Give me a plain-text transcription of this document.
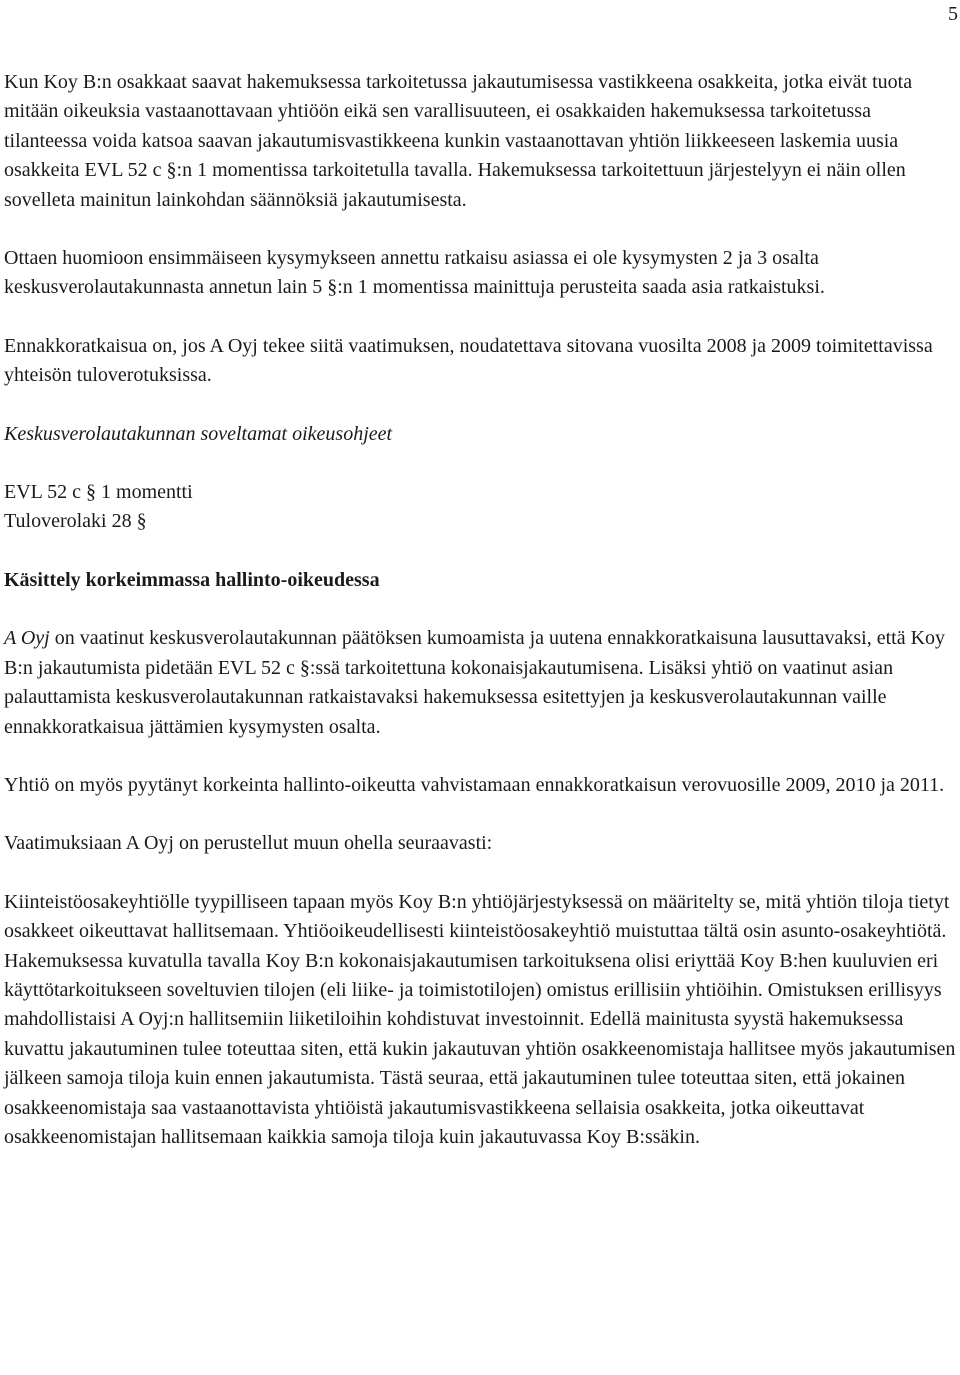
5

Kun Koy B:n osakkaat saavat hakemuksessa tarkoitetussa jakautumisessa vastikkeena osakkeita, jotka eivät tuota mitään oikeuksia vastaanottavaan yhtiöön eikä sen varallisuuteen, ei osakkaiden hakemuksessa tarkoitetussa tilanteessa voida katsoa saavan jakautumisvastikkeena kunkin vastaanottavan yhtiön liikkeeseen laskemia uusia osakkeita EVL 52 c §:n 1 momentissa tarkoitetulla tavalla. Hakemuksessa tarkoitettuun järjestelyyn ei näin ollen sovelleta mainitun lainkohdan säännöksiä jakautumisesta.

Ottaen huomioon ensimmäiseen kysymykseen annettu ratkaisu asiassa ei ole kysymysten 2 ja 3 osalta keskusverolautakunnasta annetun lain 5 §:n 1 momentissa mainittuja perusteita saada asia ratkaistuksi.

Ennakkoratkaisua on, jos A Oyj tekee siitä vaatimuksen, noudatettava sitovana vuosilta 2008 ja 2009 toimitettavissa yhteisön tuloverotuksissa.

Keskusverolautakunnan soveltamat oikeusohjeet

EVL 52 c § 1 momentti
Tuloverolaki 28 §

Käsittely korkeimmassa hallinto-oikeudessa

A Oyj on vaatinut keskusverolautakunnan päätöksen kumoamista ja uutena ennakkoratkaisuna lausuttavaksi, että Koy B:n jakautumista pidetään EVL 52 c §:ssä tarkoitettuna kokonaisjakautumisena. Lisäksi yhtiö on vaatinut asian palauttamista keskusverolautakunnan ratkaistavaksi hakemuksessa esitettyjen ja keskusverolautakunnan vaille ennakkoratkaisua jättämien kysymysten osalta.

Yhtiö on myös pyytänyt korkeinta hallinto-oikeutta vahvistamaan ennakkoratkaisun verovuosille 2009, 2010 ja 2011.

Vaatimuksiaan A Oyj on perustellut muun ohella seuraavasti:

Kiinteistöosakeyhtiölle tyypilliseen tapaan myös Koy B:n yhtiöjärjestyksessä on määritelty se, mitä yhtiön tiloja tietyt osakkeet oikeuttavat hallitsemaan. Yhtiöoikeudellisesti kiinteistöosakeyhtiö muistuttaa tältä osin asunto-osakeyhtiötä. Hakemuksessa kuvatulla tavalla Koy B:n kokonaisjakautumisen tarkoituksena olisi eriyttää Koy B:hen kuuluvien eri käyttötarkoitukseen soveltuvien tilojen (eli liike- ja toimistotilojen) omistus erillisiin yhtiöihin. Omistuksen erillisyys mahdollistaisi A Oyj:n hallitsemiin liiketiloihin kohdistuvat investoinnit. Edellä mainitusta syystä hakemuksessa kuvattu jakautuminen tulee toteuttaa siten, että kukin jakautuvan yhtiön osakkeenomistaja hallitsee myös jakautumisen jälkeen samoja tiloja kuin ennen jakautumista. Tästä seuraa, että jakautuminen tulee toteuttaa siten, että jokainen osakkeenomistaja saa vastaanottavista yhtiöistä jakautumisvastikkeena sellaisia osakkeita, jotka oikeuttavat osakkeenomistajan hallitsemaan kaikkia samoja tiloja kuin jakautuvassa Koy B:ssäkin.
